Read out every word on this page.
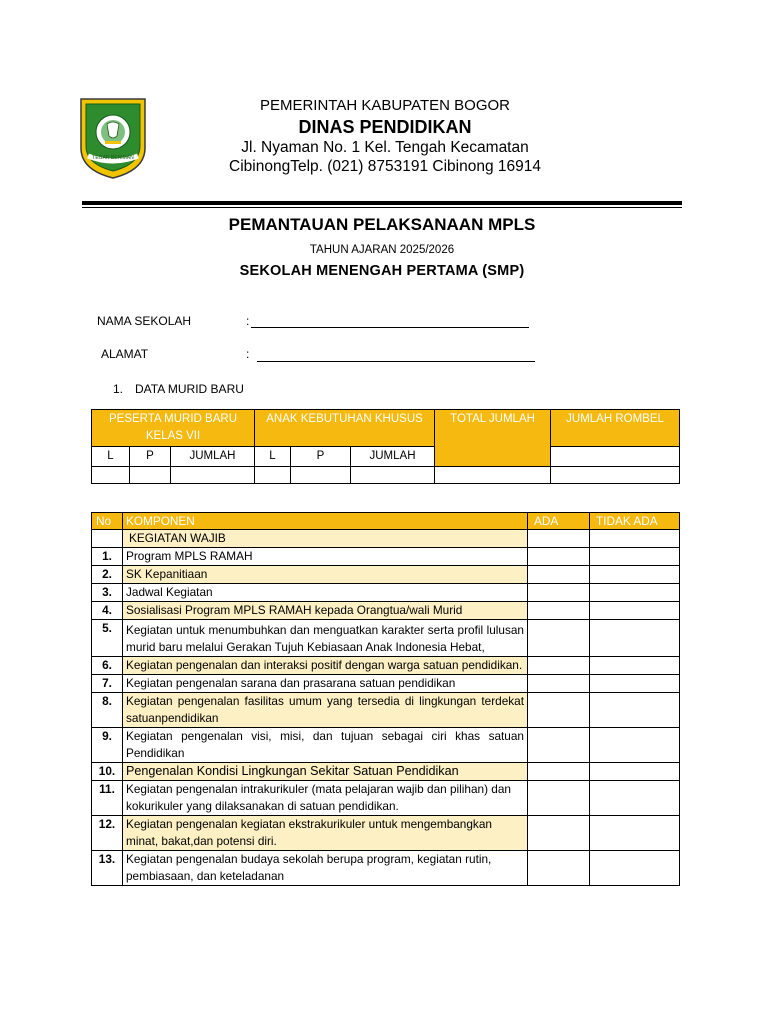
TEGAR BERIMAN
PEMERINTAH KABUPATEN BOGOR
DINAS PENDIDIKAN
Jl. Nyaman No. 1 Kel. Tengah Kecamatan
CibinongTelp. (021) 8753191 Cibinong 16914
PEMANTAUAN PELAKSANAAN MPLS
TAHUN AJARAN 2025/2026
SEKOLAH MENENGAH PERTAMA (SMP)
NAMA SEKOLAH	:
ALAMAT	:
1. DATA MURID BARU
PESERTA MURID BARU KELAS VII			ANAK KEBUTUHAN KHUSUS			TOTAL JUMLAH	JUMLAH ROMBEL
L	P	JUMLAH	L	P	JUMLAH		

No	KOMPONEN	ADA	TIDAK ADA
	KEGIATAN WAJIB		
1.	Program MPLS RAMAH		
2.	SK Kepanitiaan		
3.	Jadwal Kegiatan		
4.	Sosialisasi Program MPLS RAMAH kepada Orangtua/wali Murid		
5.	Kegiatan untuk menumbuhkan dan menguatkan karakter serta profil lulusan murid baru melalui Gerakan Tujuh Kebiasaan Anak Indonesia Hebat,		
6.	Kegiatan pengenalan dan interaksi positif dengan warga satuan pendidikan.		
7.	Kegiatan pengenalan sarana dan prasarana satuan pendidikan		
8.	Kegiatan pengenalan fasilitas umum yang tersedia di lingkungan terdekat satuanpendidikan		
9.	Kegiatan pengenalan visi, misi, dan tujuan sebagai ciri khas satuan Pendidikan		
10.	Pengenalan Kondisi Lingkungan Sekitar Satuan Pendidikan		
11.	Kegiatan pengenalan intrakurikuler (mata pelajaran wajib dan pilihan) dan kokurikuler yang dilaksanakan di satuan pendidikan.		
12.	Kegiatan pengenalan kegiatan ekstrakurikuler untuk mengembangkan minat, bakat,dan potensi diri.		
13.	Kegiatan pengenalan budaya sekolah berupa program, kegiatan rutin, pembiasaan, dan keteladanan		
